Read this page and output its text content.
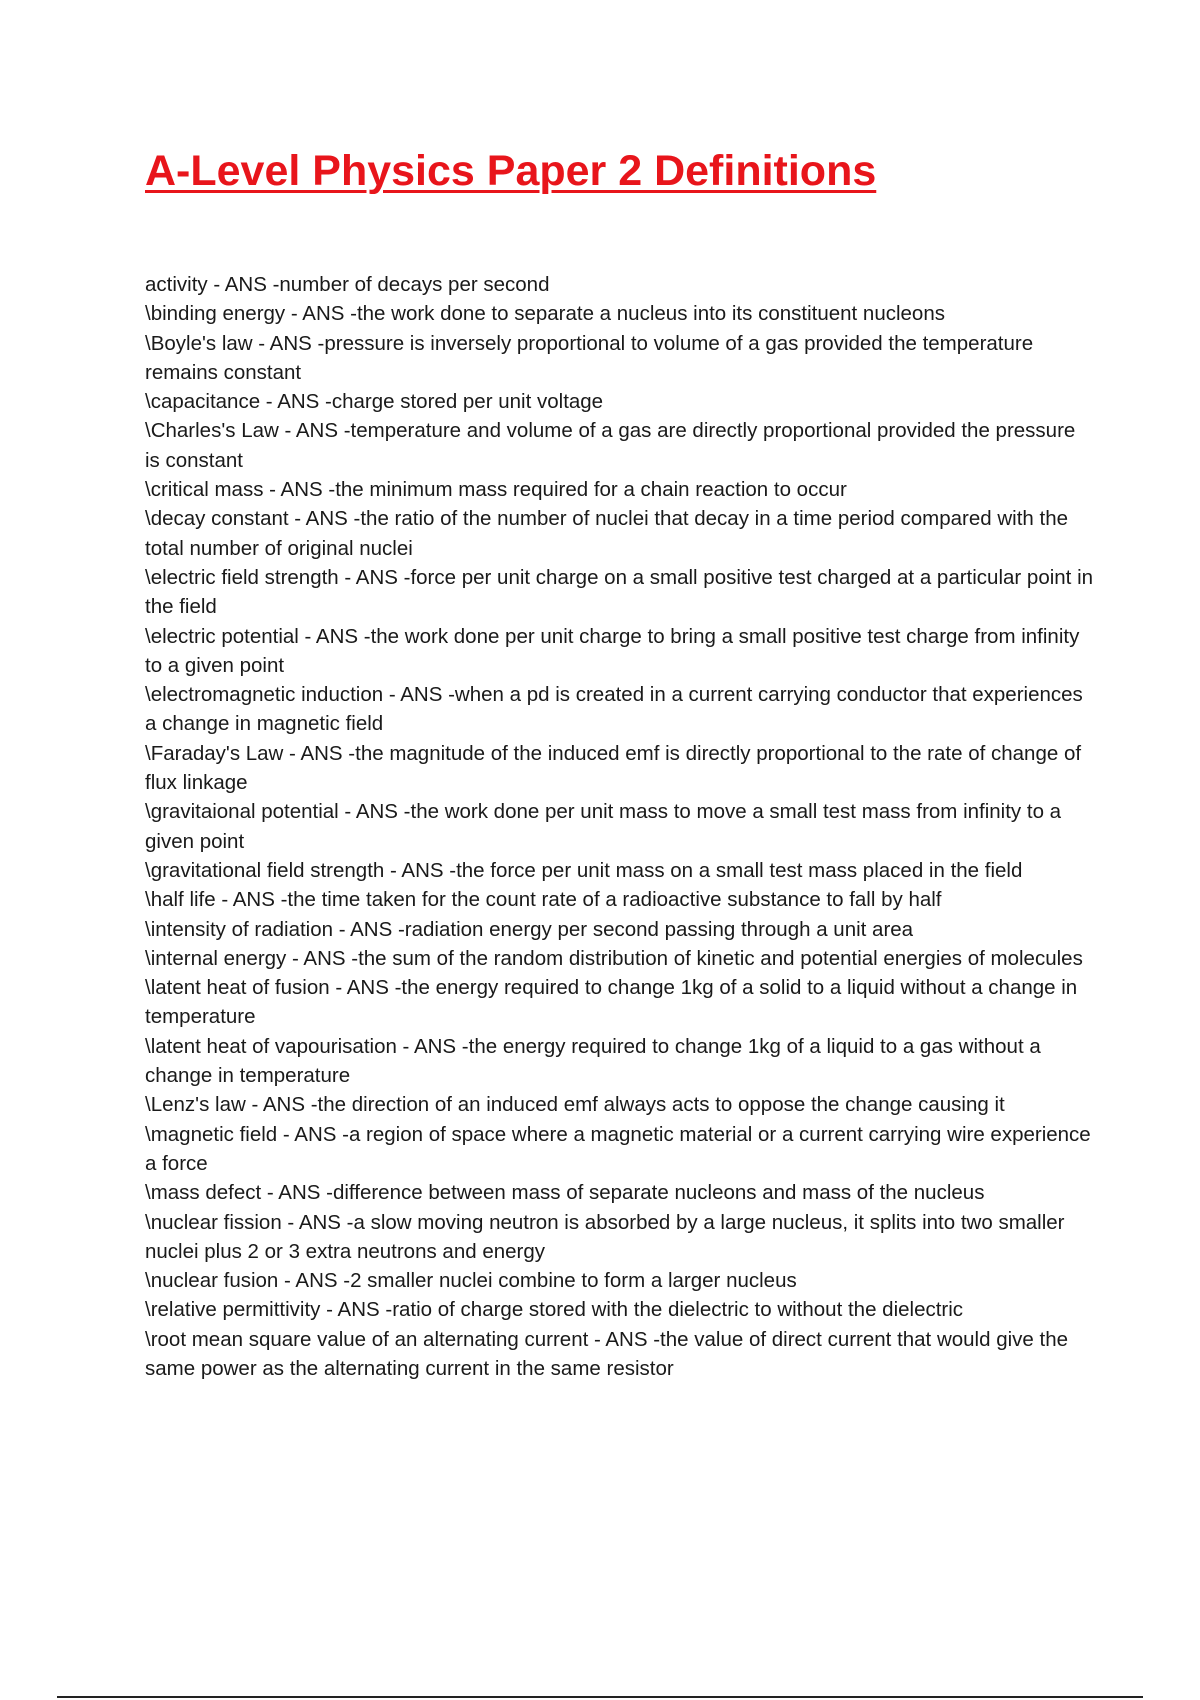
A-Level Physics Paper 2 Definitions
activity - ANS -number of decays per second
\binding energy - ANS -the work done to separate a nucleus into its constituent nucleons
\Boyle's law - ANS -pressure is inversely proportional to volume of a gas provided the temperature remains constant
\capacitance - ANS -charge stored per unit voltage
\Charles's Law - ANS -temperature and volume of a gas are directly proportional provided the pressure is constant
\critical mass - ANS -the minimum mass required for a chain reaction to occur
\decay constant - ANS -the ratio of the number of nuclei that decay in a time period compared with the total number of original nuclei
\electric field strength - ANS -force per unit charge on a small positive test charged at a particular point in the field
\electric potential - ANS -the work done per unit charge to bring a small positive test charge from infinity to a given point
\electromagnetic induction - ANS -when a pd is created in a current carrying conductor that experiences a change in magnetic field
\Faraday's Law - ANS -the magnitude of the induced emf is directly proportional to the rate of change of flux linkage
\gravitaional potential - ANS -the work done per unit mass to move a small test mass from infinity to a given point
\gravitational field strength - ANS -the force per unit mass on a small test mass placed in the field
\half life - ANS -the time taken for the count rate of a radioactive substance to fall by half
\intensity of radiation - ANS -radiation energy per second passing through a unit area
\internal energy - ANS -the sum of the random distribution of kinetic and potential energies of molecules
\latent heat of fusion - ANS -the energy required to change 1kg of a solid to a liquid without a change in temperature
\latent heat of vapourisation - ANS -the energy required to change 1kg of a liquid to a gas without a change in temperature
\Lenz's law - ANS -the direction of an induced emf always acts to oppose the change causing it
\magnetic field - ANS -a region of space where a magnetic material or a current carrying wire experience a force
\mass defect - ANS -difference between mass of separate nucleons and mass of the nucleus
\nuclear fission - ANS -a slow moving neutron is absorbed by a large nucleus, it splits into two smaller nuclei plus 2 or 3 extra neutrons and energy
\nuclear fusion - ANS -2 smaller nuclei combine to form a larger nucleus
\relative permittivity - ANS -ratio of charge stored with the dielectric to without the dielectric
\root mean square value of an alternating current - ANS -the value of direct current that would give the same power as the alternating current in the same resistor
